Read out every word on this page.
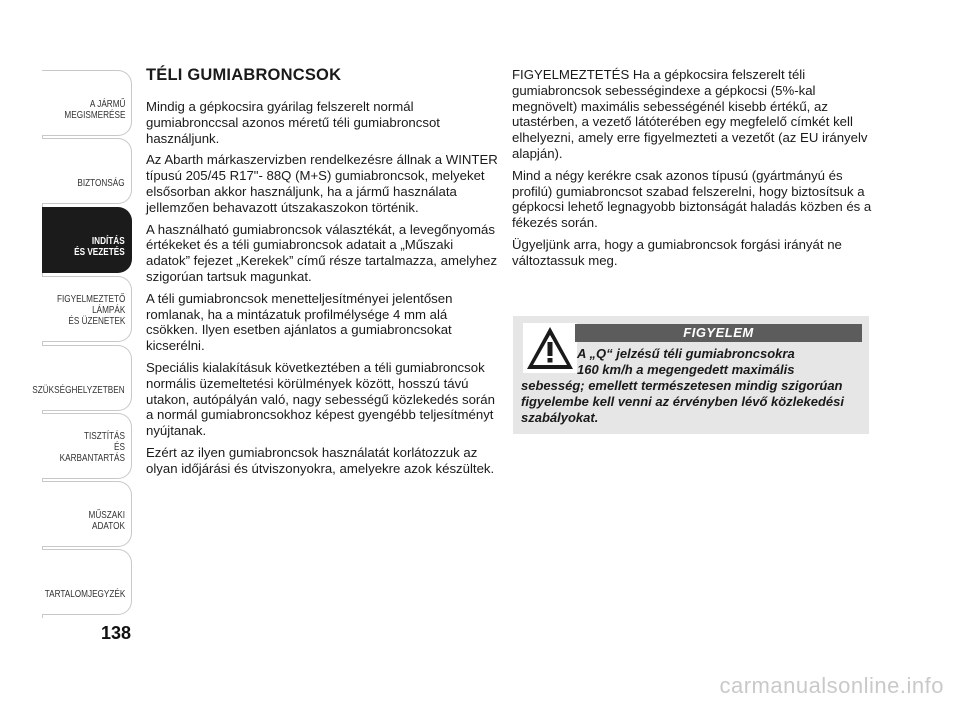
A JÁRMŰ
MEGISMERÉSE
BIZTONSÁG
INDÍTÁS
ÉS VEZETÉS
FIGYELMEZTETŐ
LÁMPÁK
ÉS ÜZENETEK
SZÜKSÉGHELYZETBEN
TISZTÍTÁS
ÉS KARBANTARTÁS
MŰSZAKI ADATOK
TARTALOMJEGYZÉK
138
TÉLI GUMIABRONCSOK

Mindig a gépkocsira gyárilag felszerelt normál gumiabronccsal azonos méretű téli gumiabroncsot használjunk.

Az Abarth márkaszervizben rendelkezésre állnak a WINTER típusú 205/45 R17"- 88Q (M+S) gumiabroncsok, melyeket elsősorban akkor használjunk, ha a jármű használata jellemzően behavazott útszakaszokon történik.

A használható gumiabroncsok választékát, a levegőnyomás értékeket és a téli gumiabroncsok adatait a „Műszaki adatok” fejezet „Kerekek” című része tartalmazza, amelyhez szigorúan tartsuk magunkat.

A téli gumiabroncsok menetteljesítményei jelentősen romlanak, ha a mintázatuk profilmélysége 4 mm alá csökken. Ilyen esetben ajánlatos a gumiabroncsokat kicserélni.

Speciális kialakításuk következtében a téli gumiabroncsok normális üzemeltetési körülmények között, hosszú távú utakon, autópályán való, nagy sebességű közlekedés során a normál gumiabroncsokhoz képest gyengébb teljesítményt nyújtanak.

Ezért az ilyen gumiabroncsok használatát korlátozzuk az olyan időjárási és útviszonyokra, amelyekre azok készültek.

FIGYELMEZTETÉS Ha a gépkocsira felszerelt téli gumiabroncsok sebességindexe a gépkocsi (5%-kal megnövelt) maximális sebességénél kisebb értékű, az utastérben, a vezető látóterében egy megfelelő címkét kell elhelyezni, amely erre figyelmezteti a vezetőt (az EU irányelv alapján).

Mind a négy kerékre csak azonos típusú (gyártmányú és profilú) gumiabroncsot szabad felszerelni, hogy biztosítsuk a gépkocsi lehető legnagyobb biztonságát haladás közben és a fékezés során.

Ügyeljünk arra, hogy a gumiabroncsok forgási irányát ne változtassuk meg.

FIGYELEM
A „Q“ jelzésű téli gumiabroncsokra
160 km/h a megengedett maximális
sebesség; emellett természetesen mindig szigorúan figyelembe kell venni az érvényben lévő közlekedési szabályokat.
carmanualsonline.info
